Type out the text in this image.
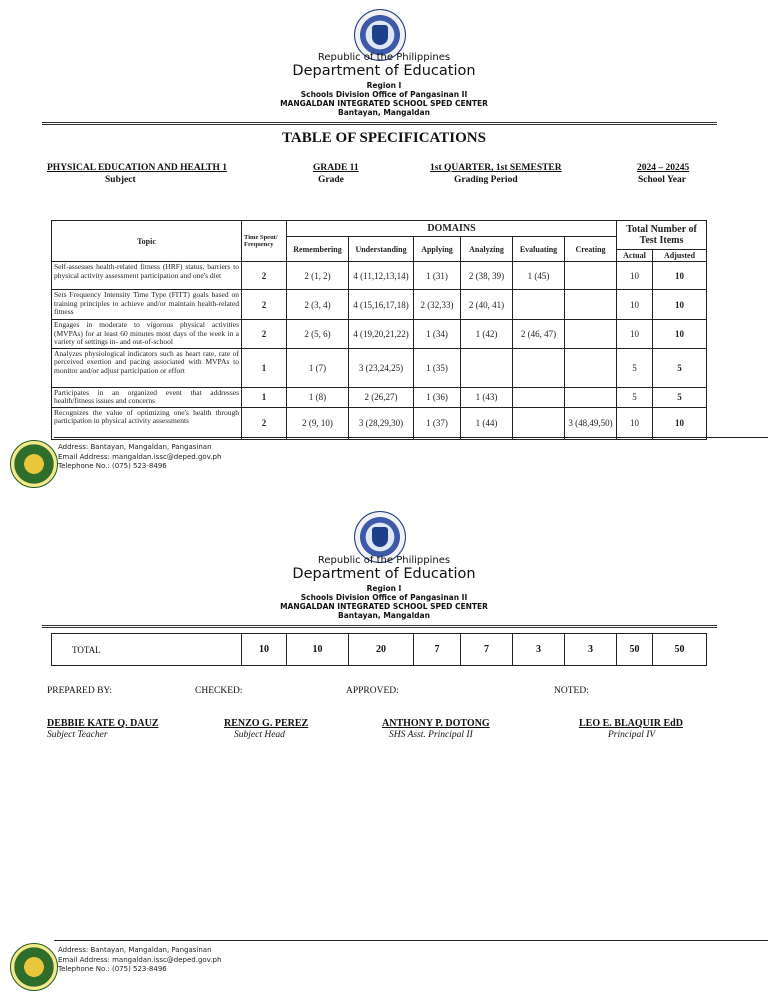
Republic of the Philippines
Department of Education
Region I
Schools Division Office of Pangasinan II
MANGALDAN INTEGRATED SCHOOL SPED CENTER
Bantayan, Mangaldan
TABLE OF SPECIFICATIONS
PHYSICAL EDUCATION AND HEALTH 1
Subject
GRADE 11
Grade
1st QUARTER, 1st SEMESTER
Grading Period
2024 – 20245
School Year
Topic	Time Spent/ Frequency	DOMAINS						Total Number of Test Items	
		Remembering	Understanding	Applying	Analyzing	Evaluating	Creating		
								Actual	Adjusted
Self-assesses health-related fitness (HRF) status, barriers to physical activity assessment participation and one's diet	2	2 (1, 2)	4 (11,12,13,14)	1 (31)	2 (38, 39)	1 (45)		10	10
Sets Frequency Intensity Time Type (FITT) goals based on training principles to achieve and/or maintain health-related fitness	2	2 (3, 4)	4 (15,16,17,18)	2 (32,33)	2 (40, 41)			10	10
Engages in moderate to vigorous physical activities (MVPAs) for at least 60 minutes most days of the week in a variety of settings in- and out-of-school	2	2 (5, 6)	4 (19,20,21,22)	1 (34)	1 (42)	2 (46, 47)		10	10
Analyzes physiological indicators such as heart rate, rate of perceived exertion and pacing associated with MVPAs to monitor and/or adjust participation or effort	1	1 (7)	3 (23,24,25)	1 (35)				5	5
Participates in an organized event that addresses health/fitness issues and concerns	1	1 (8)	2 (26,27)	1 (36)	1 (43)			5	5
Recognizes the value of optimizing one's health through participation in physical activity assessments	2	2 (9, 10)	3 (28,29,30)	1 (37)	1 (44)		3 (48,49,50)	10	10
Address: Bantayan, Mangaldan, Pangasinan
Email Address: mangaldan.issc@deped.gov.ph
Telephone No.: (075) 523-8496
Republic of the Philippines
Department of Education
Region I
Schools Division Office of Pangasinan II
MANGALDAN INTEGRATED SCHOOL SPED CENTER
Bantayan, Mangaldan
TOTAL	10	10	20	7	7	3	3	50	50
PREPARED BY:	CHECKED:	APPROVED:	NOTED:
DEBBIE KATE Q. DAUZ
Subject Teacher
RENZO G. PEREZ
Subject Head
ANTHONY P. DOTONG
SHS Asst. Principal II
LEO E. BLAQUIR EdD
Principal IV
Address: Bantayan, Mangaldan, Pangasinan
Email Address: mangaldan.issc@deped.gov.ph
Telephone No.: (075) 523-8496
